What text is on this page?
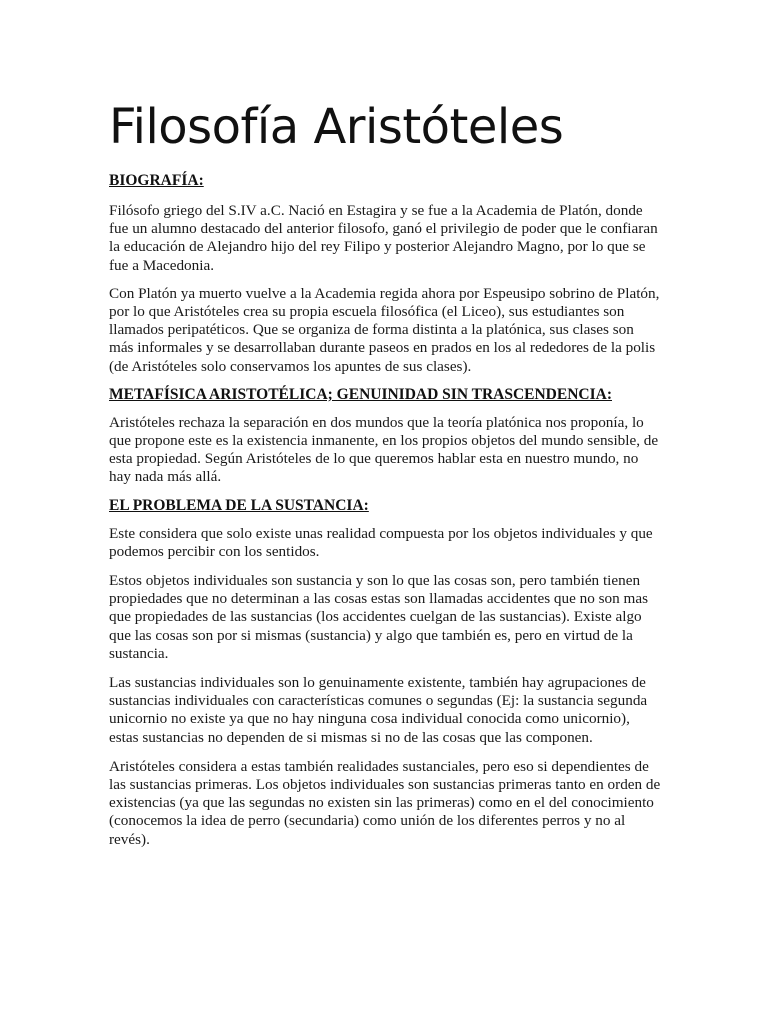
Filosofía Aristóteles
BIOGRAFÍA:

Filósofo griego del S.IV a.C. Nació en Estagira y se fue a la Academia de Platón, donde fue un alumno destacado del anterior filosofo, ganó el privilegio de poder que le confiaran la educación de Alejandro hijo del rey Filipo y posterior Alejandro Magno, por lo que se fue a Macedonia.

Con Platón ya muerto vuelve a la Academia regida ahora por Espeusipo sobrino de Platón, por lo que Aristóteles crea su propia escuela filosófica (el Liceo), sus estudiantes son llamados peripatéticos. Que se organiza de forma distinta a la platónica, sus clases son más informales y se desarrollaban durante paseos en prados en los al rededores de la polis (de Aristóteles solo conservamos los apuntes de sus clases).

METAFÍSICA ARISTOTÉLICA; GENUINIDAD SIN TRASCENDENCIA:

Aristóteles rechaza la separación en dos mundos que la teoría platónica nos proponía, lo que propone este es la existencia inmanente, en los propios objetos del mundo sensible, de esta propiedad. Según Aristóteles de lo que queremos hablar esta en nuestro mundo, no hay nada más allá.

EL PROBLEMA DE LA SUSTANCIA:

Este considera que solo existe unas realidad compuesta por los objetos individuales y que podemos percibir con los sentidos.

Estos objetos individuales son sustancia y son lo que las cosas son, pero también tienen propiedades que no determinan a las cosas estas son llamadas accidentes que no son mas que propiedades de las sustancias (los accidentes cuelgan de las sustancias). Existe algo que las cosas son por si mismas (sustancia) y algo que también es, pero en virtud de la sustancia.

Las sustancias individuales son lo genuinamente existente, también hay agrupaciones de sustancias individuales con características comunes o segundas (Ej: la sustancia segunda unicornio no existe ya que no hay ninguna cosa individual conocida como unicornio), estas sustancias no dependen de si mismas si no de las cosas que las componen.

Aristóteles considera a estas también realidades sustanciales, pero eso si dependientes de las sustancias primeras. Los objetos individuales son sustancias primeras tanto en orden de existencias (ya que las segundas no existen sin las primeras) como en el del conocimiento (conocemos la idea de perro (secundaria) como unión de los diferentes perros y no al revés).
